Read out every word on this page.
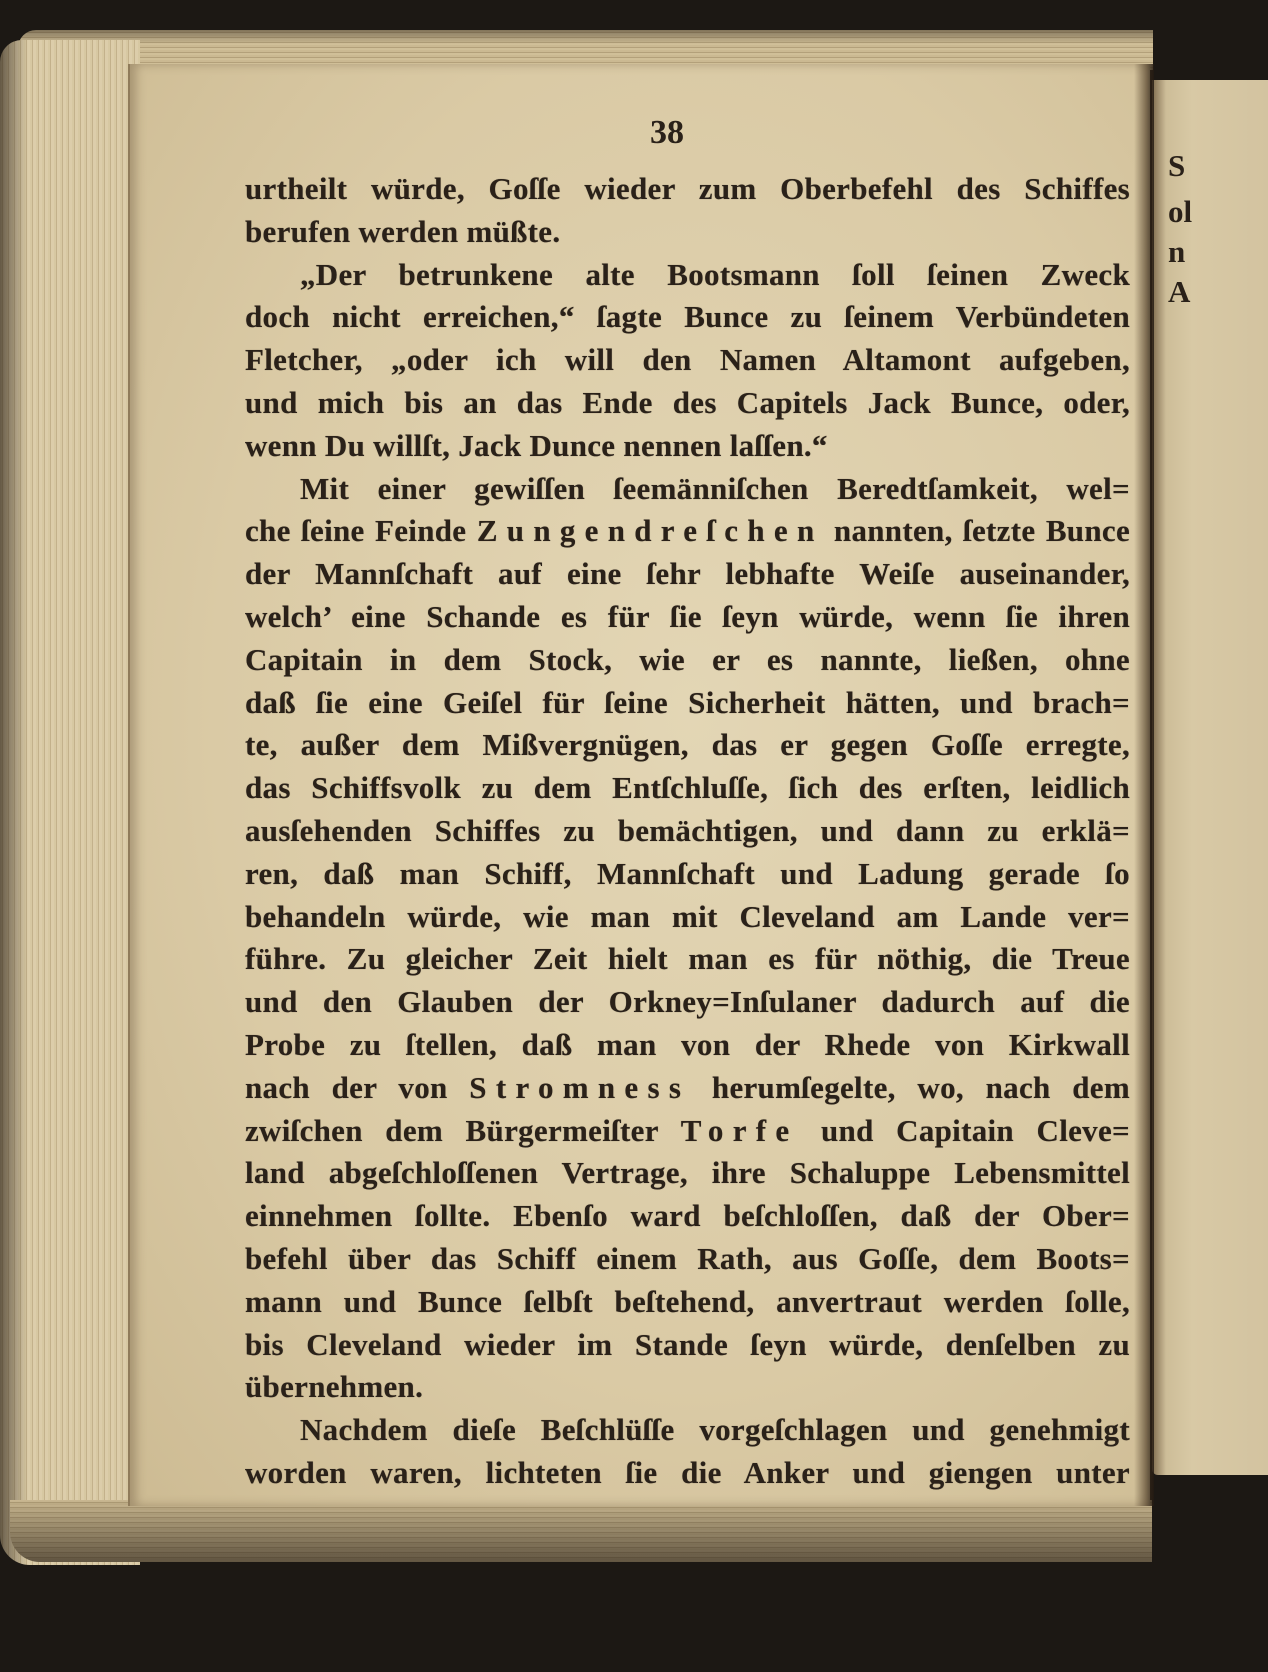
S
ol
n
A
38
urtheilt würde, Goſſe wieder zum Oberbefehl des Schiffes
berufen werden müßte.
„Der betrunkene alte Bootsmann ſoll ſeinen Zweck
doch nicht erreichen,“ ſagte Bunce zu ſeinem Verbündeten
Fletcher, „oder ich will den Namen Altamont aufgeben,
und mich bis an das Ende des Capitels Jack Bunce, oder,
wenn Du willſt, Jack Dunce nennen laſſen.“
Mit einer gewiſſen ſeemänniſchen Beredtſamkeit, wel=
che ſeine Feinde Zungendreſchen nannten, ſetzte Bunce
der Mannſchaft auf eine ſehr lebhafte Weiſe auseinander,
welch’ eine Schande es für ſie ſeyn würde, wenn ſie ihren
Capitain in dem Stock, wie er es nannte, ließen, ohne
daß ſie eine Geiſel für ſeine Sicherheit hätten, und brach=
te, außer dem Mißvergnügen, das er gegen Goſſe erregte,
das Schiffsvolk zu dem Entſchluſſe, ſich des erſten, leidlich
ausſehenden Schiffes zu bemächtigen, und dann zu erklä=
ren, daß man Schiff, Mannſchaft und Ladung gerade ſo
behandeln würde, wie man mit Cleveland am Lande ver=
führe. Zu gleicher Zeit hielt man es für nöthig, die Treue
und den Glauben der Orkney=Inſulaner dadurch auf die
Probe zu ſtellen, daß man von der Rhede von Kirkwall
nach der von Stromness herumſegelte, wo, nach dem
zwiſchen dem Bürgermeiſter Torfe und Capitain Cleve=
land abgeſchloſſenen Vertrage, ihre Schaluppe Lebensmittel
einnehmen ſollte. Ebenſo ward beſchloſſen, daß der Ober=
befehl über das Schiff einem Rath, aus Goſſe, dem Boots=
mann und Bunce ſelbſt beſtehend, anvertraut werden ſolle,
bis Cleveland wieder im Stande ſeyn würde, denſelben zu
übernehmen.
Nachdem dieſe Beſchlüſſe vorgeſchlagen und genehmigt
worden waren, lichteten ſie die Anker und giengen unter
